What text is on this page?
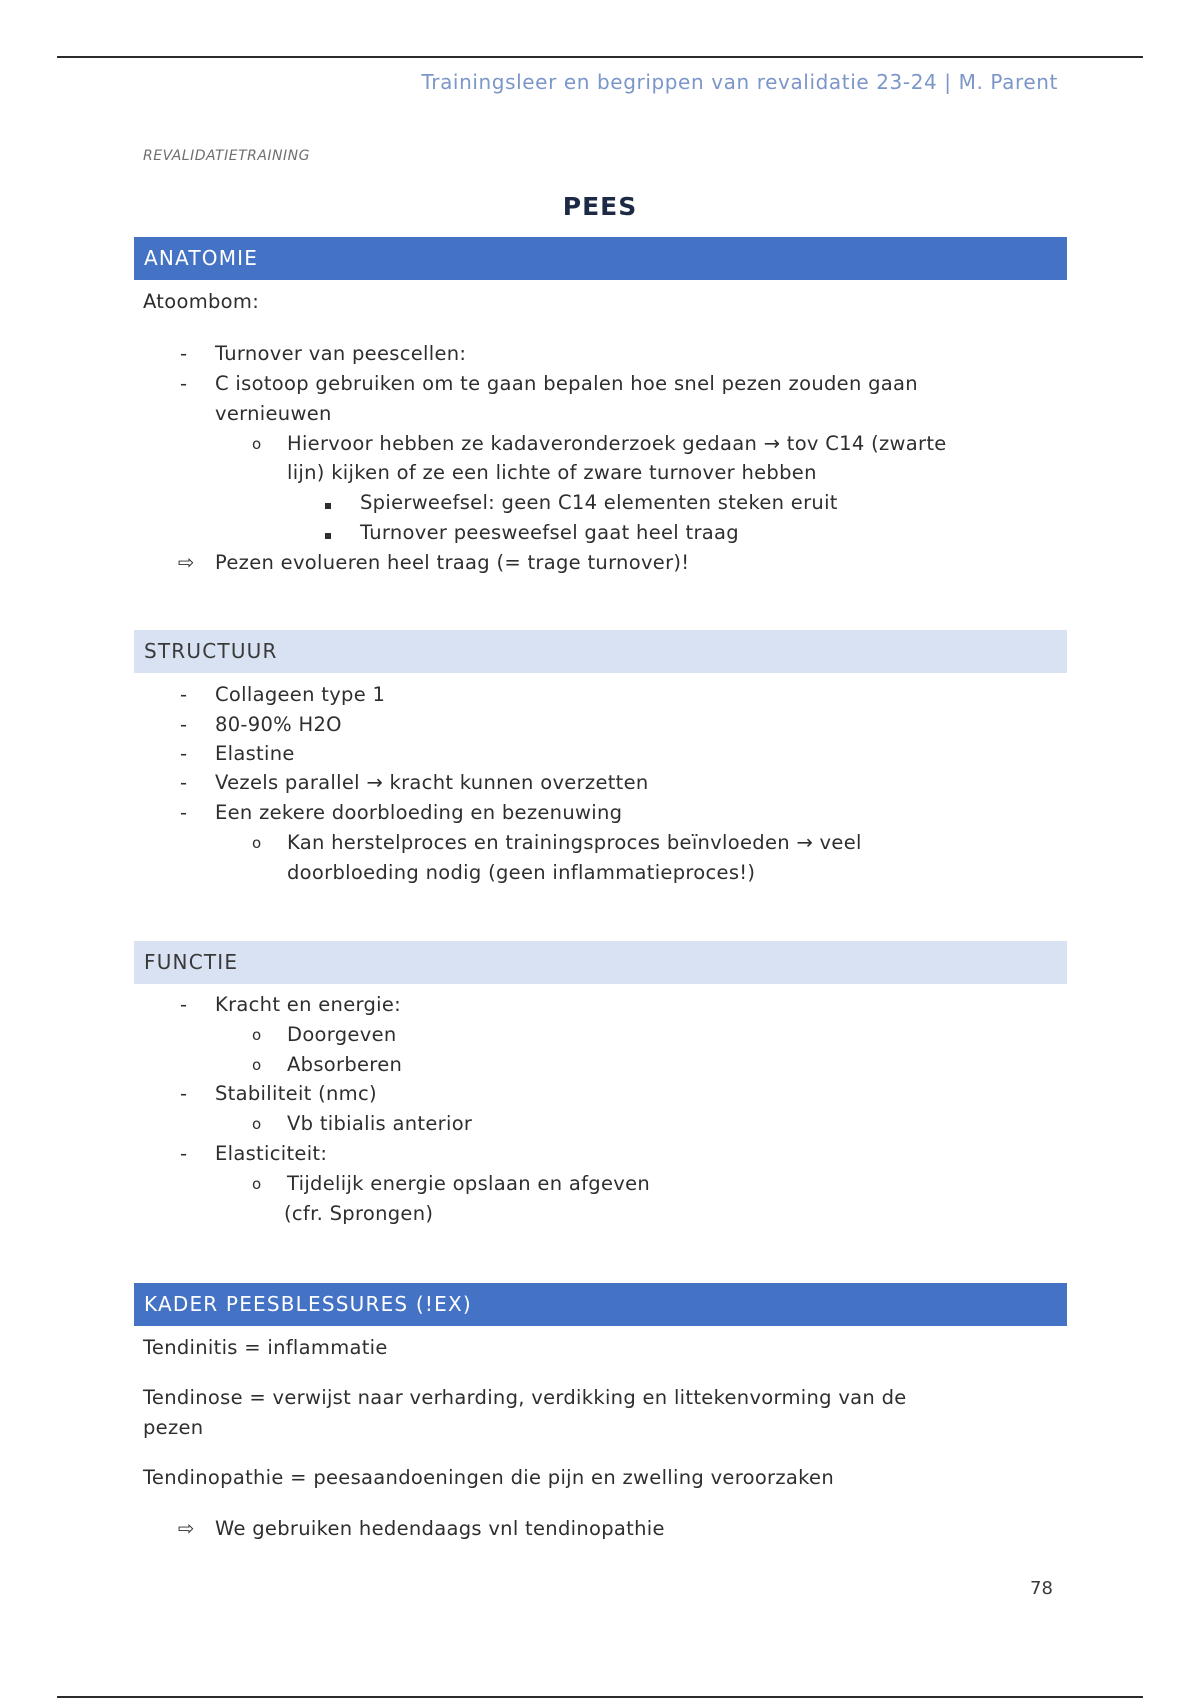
Trainingsleer en begrippen van revalidatie 23-24 | M. Parent
REVALIDATIETRAINING
PEES
ANATOMIE
Atoombom:
- Turnover van peescellen:
- C isotoop gebruiken om te gaan bepalen hoe snel pezen zouden gaan
vernieuwen
o Hiervoor hebben ze kadaveronderzoek gedaan → tov C14 (zwarte
lijn) kijken of ze een lichte of zware turnover hebben
Spierweefsel: geen C14 elementen steken eruit
Turnover peesweefsel gaat heel traag
⇨ Pezen evolueren heel traag (= trage turnover)!
STRUCTUUR
- Collageen type 1
- 80-90% H2O
- Elastine
- Vezels parallel → kracht kunnen overzetten
- Een zekere doorbloeding en bezenuwing
o Kan herstelproces en trainingsproces beïnvloeden → veel
doorbloeding nodig (geen inflammatieproces!)
FUNCTIE
- Kracht en energie:
o Doorgeven
o Absorberen
- Stabiliteit (nmc)
o Vb tibialis anterior
- Elasticiteit:
o Tijdelijk energie opslaan en afgeven
(cfr. Sprongen)
KADER PEESBLESSURES (!EX)
Tendinitis = inflammatie
Tendinose = verwijst naar verharding, verdikking en littekenvorming van de
pezen
Tendinopathie = peesaandoeningen die pijn en zwelling veroorzaken
⇨ We gebruiken hedendaags vnl tendinopathie
78
